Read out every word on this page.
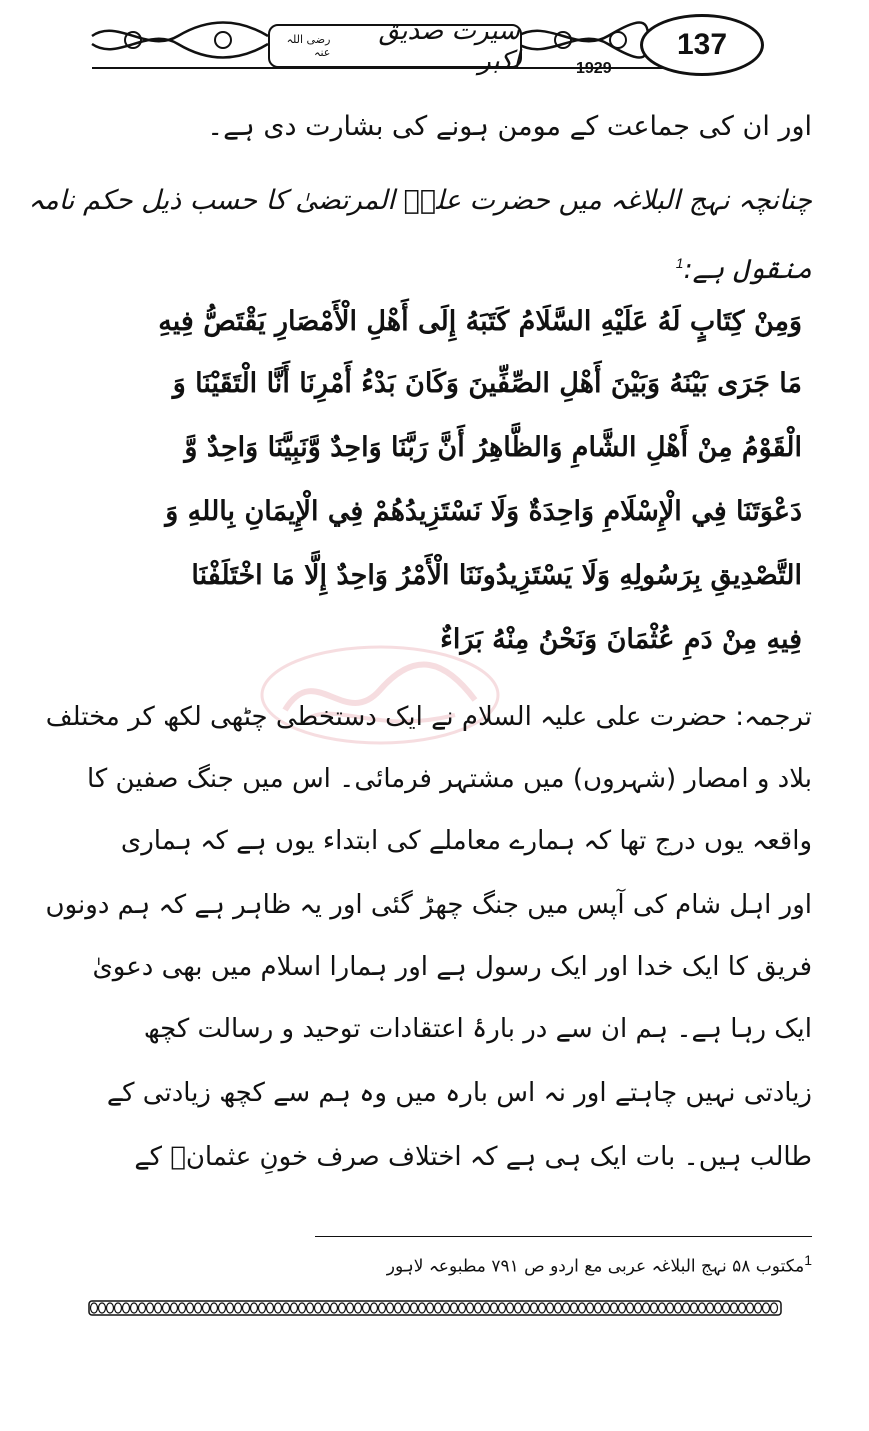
سیرت صدیق اکبر
رضی اللہ عنہ	137
1929
اور ان کی جماعت کے مومن ہونے کی بشارت دی ہے۔
چنانچہ نہج البلاغہ میں حضرت علیؓ المرتضیٰ کا حسب ذیل حکم نامہ
منقول ہے:$^1$
وَمِنْ كِتَابٍ لَهُ عَلَيْهِ السَّلَامُ كَتَبَهُ إِلَى أَهْلِ الْأَمْصَارِ يَقْتَصُّ فِيهِ
مَا جَرَى بَيْنَهُ وَبَيْنَ أَهْلِ الصِّفِّينَ وَكَانَ بَدْءُ أَمْرِنَا أَنَّا الْتَقَيْنَا وَ
الْقَوْمُ مِنْ أَهْلِ الشَّامِ وَالظَّاهِرُ أَنَّ رَبَّنَا وَاحِدٌ وَّنَبِيَّنَا وَاحِدٌ وَّ
دَعْوَتَنَا فِي الْإِسْلَامِ وَاحِدَةٌ وَلَا نَسْتَزِيدُهُمْ فِي الْإِيمَانِ بِاللهِ وَ
التَّصْدِيقِ بِرَسُولِهِ وَلَا يَسْتَزِيدُونَنَا الْأَمْرُ وَاحِدٌ إِلَّا مَا اخْتَلَفْنَا
فِيهِ مِنْ دَمِ عُثْمَانَ وَنَحْنُ مِنْهُ بَرَاءٌ
ترجمہ: حضرت علی علیہ السلام نے ایک دستخطی چٹھی لکھ کر مختلف
بلاد و امصار (شہروں) میں مشتہر فرمائی۔ اس میں جنگ صفین کا
واقعہ یوں درج تھا کہ ہمارے معاملے کی ابتداء یوں ہے کہ ہماری
اور اہل شام کی آپس میں جنگ چھڑ گئی اور یہ ظاہر ہے کہ ہم دونوں
فریق کا ایک خدا اور ایک رسول ہے اور ہمارا اسلام میں بھی دعویٰ
ایک رہا ہے۔ ہم ان سے در بارۂ اعتقادات توحید و رسالت کچھ
زیادتی نہیں چاہتے اور نہ اس بارہ میں وہ ہم سے کچھ زیادتی کے
طالب ہیں۔ بات ایک ہی ہے کہ اختلاف صرف خونِ عثمانؓ کے
$^1$مکتوب ۵۸ نہج البلاغہ عربی مع اردو ص ۷۹۱ مطبوعہ لاہور
